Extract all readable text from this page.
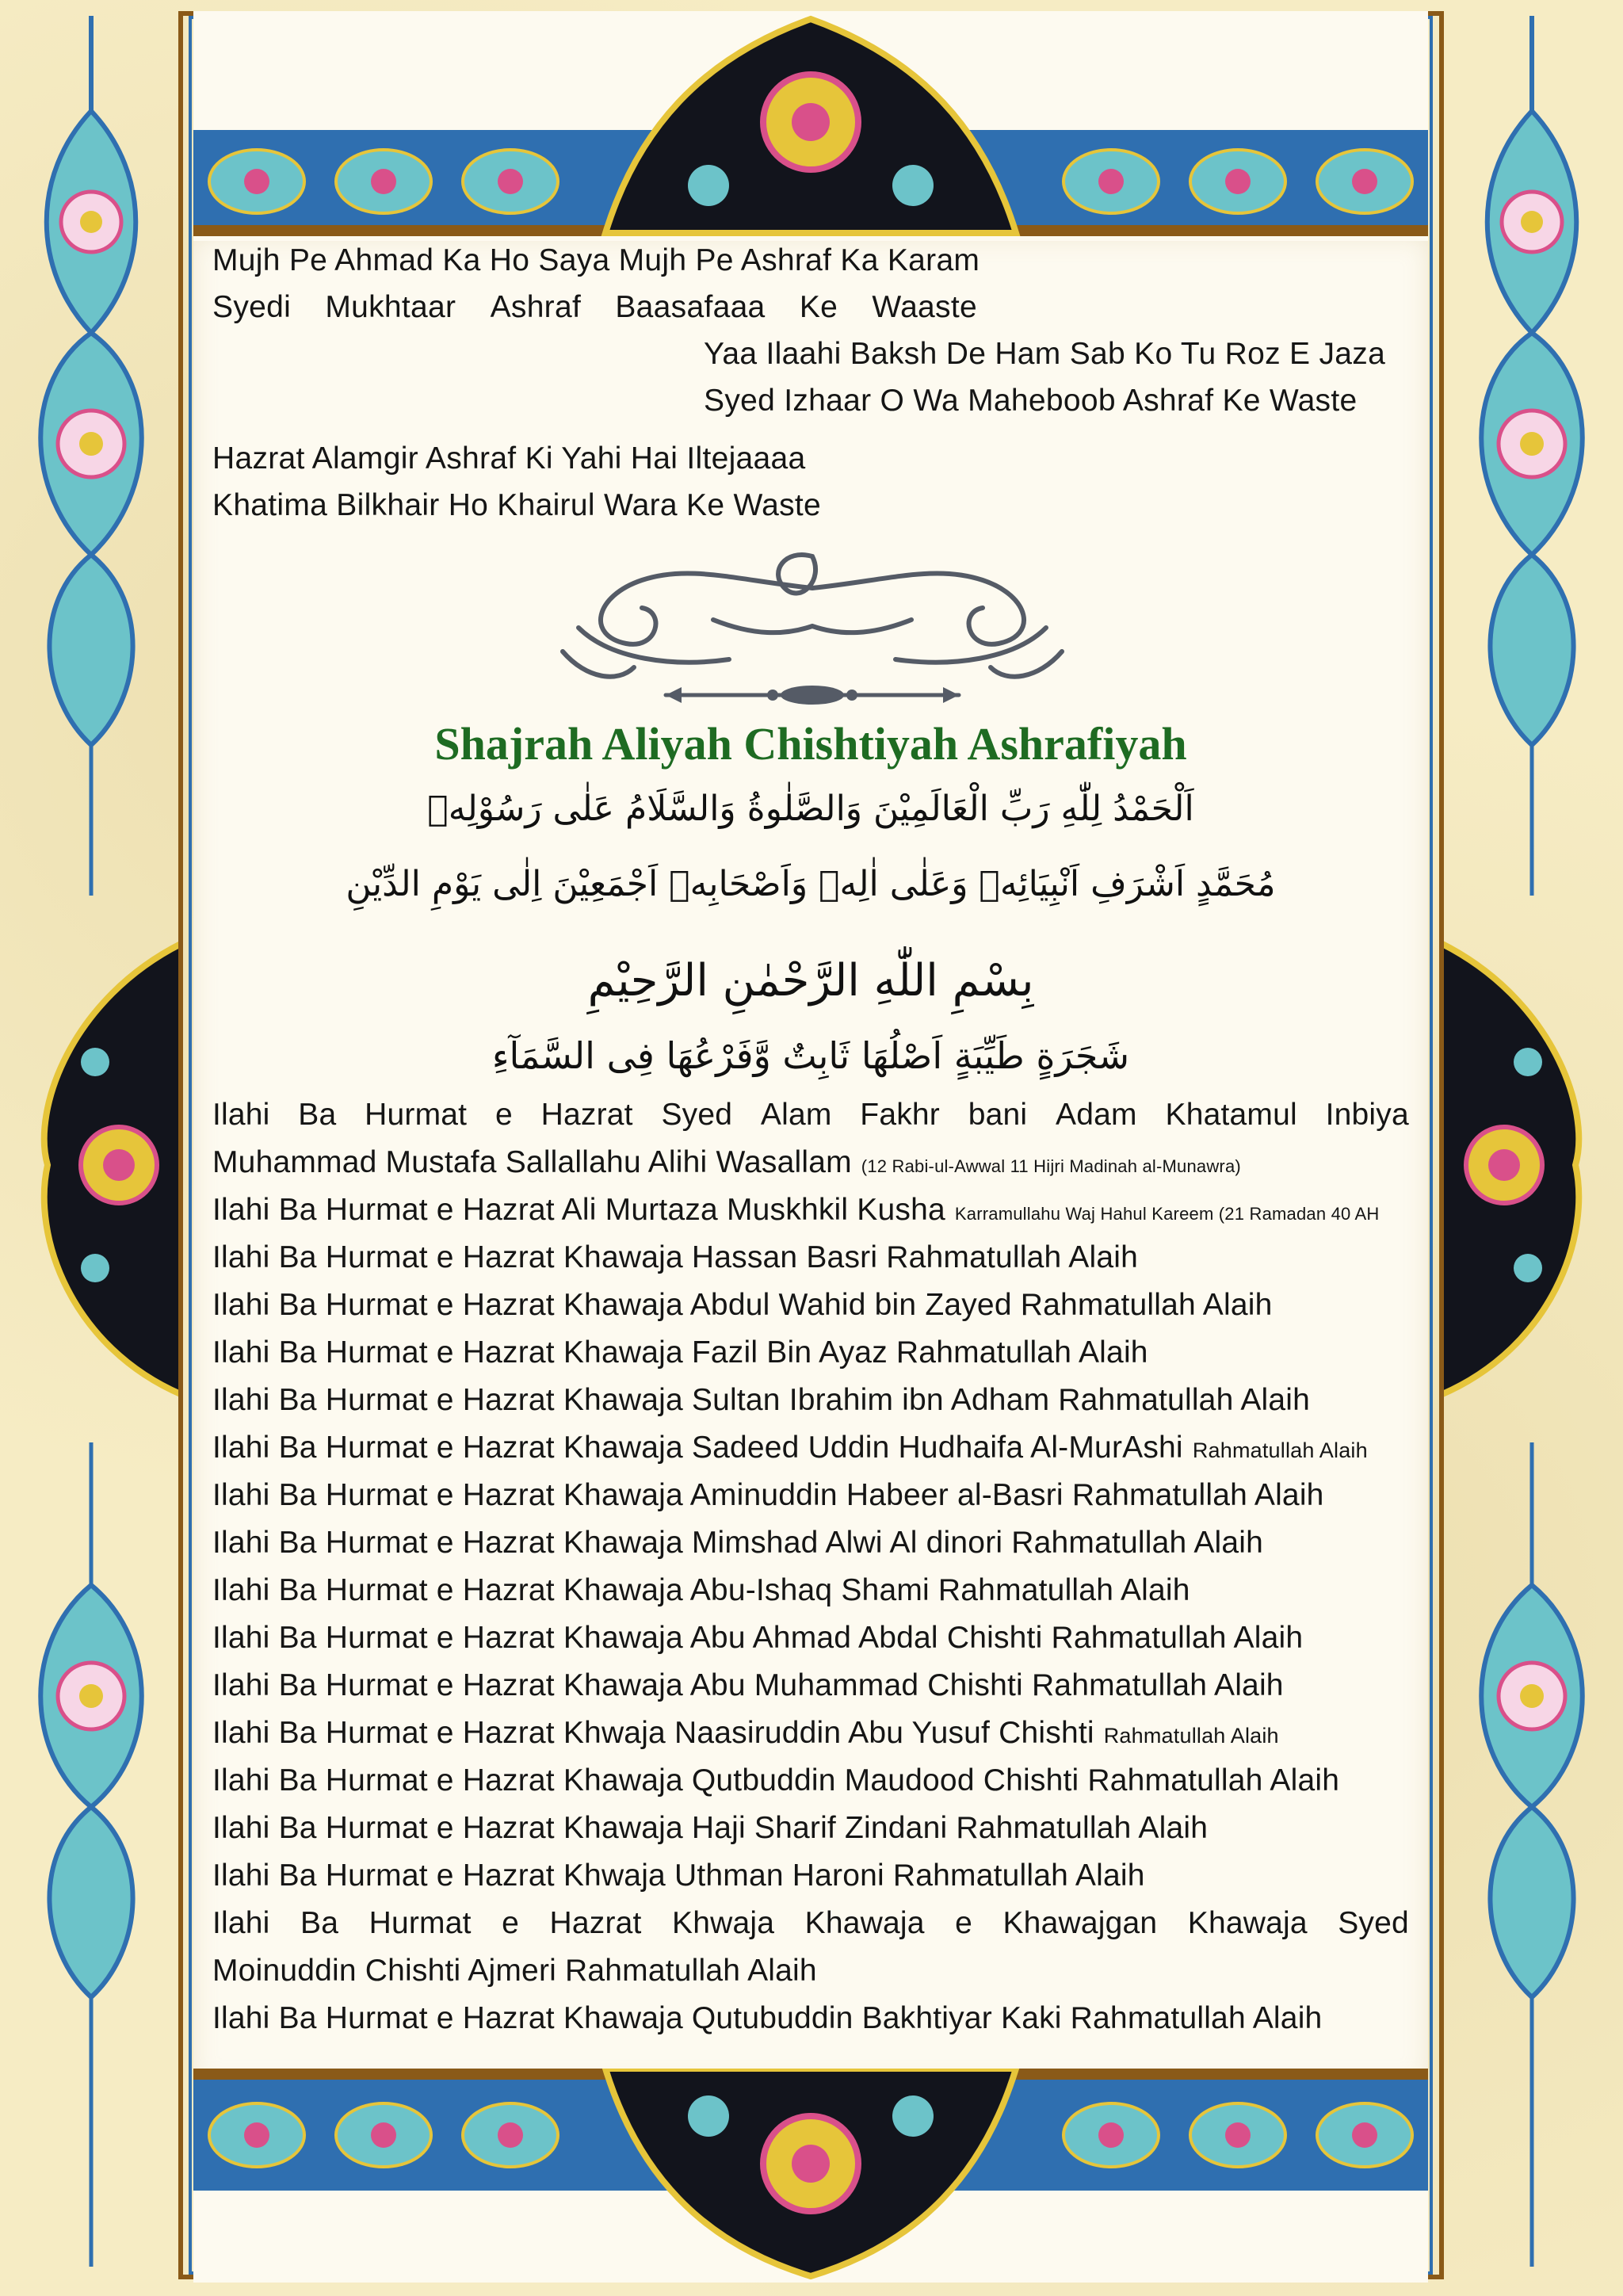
Mujh Pe Ahmad Ka Ho Saya Mujh Pe Ashraf Ka Karam
Syedi Mukhtaar Ashraf Baasafaaa Ke Waaste
Yaa Ilaahi Baksh De Ham Sab Ko Tu Roz E Jaza
Syed Izhaar O Wa Maheboob Ashraf Ke Waste
Hazrat Alamgir Ashraf Ki Yahi Hai Iltejaaaa
Khatima Bilkhair Ho Khairul Wara Ke Waste
Shajrah Aliyah Chishtiyah Ashrafiyah
اَلْحَمْدُ لِلّٰهِ رَبِّ الْعَالَمِيْنَ وَالصَّلٰوةُ وَالسَّلَامُ عَلٰى رَسُوْلِهٖ
مُحَمَّدٍ اَشْرَفِ اَنْبِيَائِهٖ وَعَلٰى اٰلِهٖ وَاَصْحَابِهٖ اَجْمَعِيْنَ اِلٰى يَوْمِ الدِّيْنِ
بِسْمِ اللّٰهِ الرَّحْمٰنِ الرَّحِيْمِ
شَجَرَةٍ طَيِّبَةٍ اَصْلُهَا ثَابِتٌ وَّفَرْعُهَا فِى السَّمَآءِ
Ilahi Ba Hurmat e Hazrat Syed Alam Fakhr bani Adam Khatamul Inbiya
Muhammad Mustafa Sallallahu Alihi Wasallam (12 Rabi-ul-Awwal 11 Hijri Madinah al-Munawra)
Ilahi Ba Hurmat e Hazrat Ali Murtaza Muskhkil Kusha Karramullahu Waj Hahul Kareem (21 Ramadan 40 AH
Ilahi Ba Hurmat e Hazrat Khawaja Hassan Basri Rahmatullah Alaih
Ilahi Ba Hurmat e Hazrat Khawaja Abdul Wahid bin Zayed Rahmatullah Alaih
Ilahi Ba Hurmat e Hazrat Khawaja Fazil Bin Ayaz Rahmatullah Alaih
Ilahi Ba Hurmat e Hazrat Khawaja Sultan Ibrahim ibn Adham Rahmatullah Alaih
Ilahi Ba Hurmat e Hazrat Khawaja Sadeed Uddin Hudhaifa Al-MurAshi Rahmatullah Alaih
Ilahi Ba Hurmat e Hazrat Khawaja Aminuddin Habeer al-Basri Rahmatullah Alaih
Ilahi Ba Hurmat e Hazrat Khawaja Mimshad Alwi Al dinori Rahmatullah Alaih
Ilahi Ba Hurmat e Hazrat Khawaja Abu-Ishaq Shami Rahmatullah Alaih
Ilahi Ba Hurmat e Hazrat Khawaja Abu Ahmad Abdal Chishti Rahmatullah Alaih
Ilahi Ba Hurmat e Hazrat Khawaja Abu Muhammad Chishti Rahmatullah Alaih
Ilahi Ba Hurmat e Hazrat Khwaja Naasiruddin Abu Yusuf Chishti Rahmatullah Alaih
Ilahi Ba Hurmat e Hazrat Khawaja Qutbuddin Maudood Chishti Rahmatullah Alaih
Ilahi Ba Hurmat e Hazrat Khawaja Haji Sharif Zindani Rahmatullah Alaih
Ilahi Ba Hurmat e Hazrat Khwaja Uthman Haroni Rahmatullah Alaih
Ilahi Ba Hurmat e Hazrat Khwaja Khawaja e Khawajgan Khawaja Syed
Moinuddin Chishti Ajmeri Rahmatullah Alaih
Ilahi Ba Hurmat e Hazrat Khawaja Qutubuddin Bakhtiyar Kaki Rahmatullah Alaih
